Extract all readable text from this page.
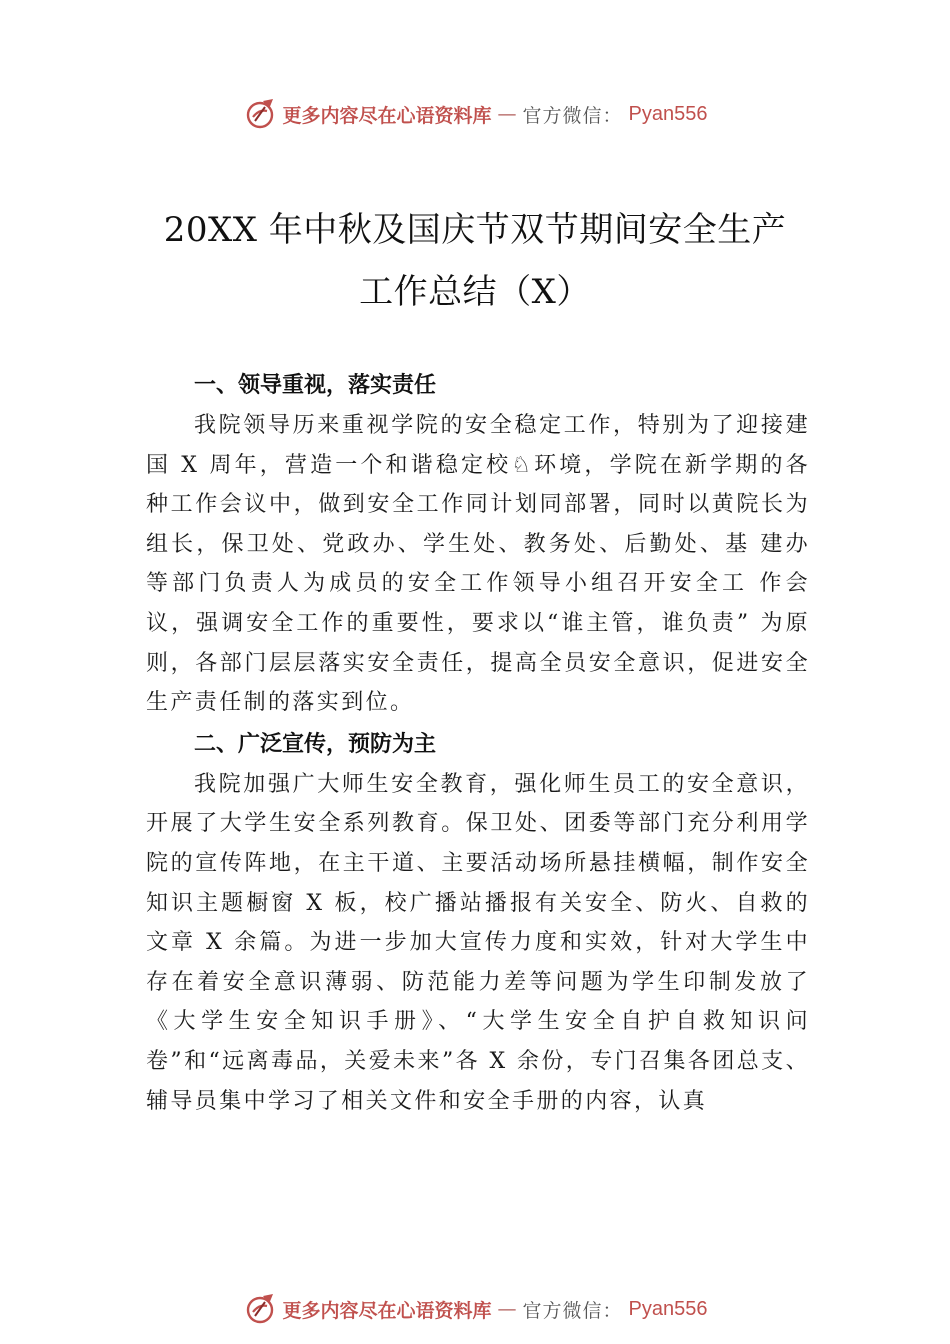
更多内容尽在心语资料库 — 官方微信： Pyan556
20XX 年中秋及国庆节双节期间安全生产
工作总结（X）
一、领导重视，落实责任

我院领导历来重视学院的安全稳定工作，特别为了迎接建国 X 周年，营造一个和谐稳定校♘环境，学院在新学期的各种工作会议中，做到安全工作同计划同部署，同时以黄院长为组长，保卫处、党政办、学生处、教务处、后勤处、基 建办等部门负责人为成员的安全工作领导小组召开安全工 作会议，强调安全工作的重要性，要求以“谁主管，谁负责” 为原则，各部门层层落实安全责任，提高全员安全意识，促进安全生产责任制的落实到位。

二、广泛宣传，预防为主

我院加强广大师生安全教育，强化师生员工的安全意识，开展了大学生安全系列教育。保卫处、团委等部门充分利用学院的宣传阵地，在主干道、主要活动场所悬挂横幅，制作安全知识主题橱窗 X 板，校广播站播报有关安全、防火、自救的文章 X 余篇。为进一步加大宣传力度和实效，针对大学生中存在着安全意识薄弱、防范能力差等问题为学生印制发放了《大学生安全知识手册》、“大学生安全自护自救知识问卷”和“远离毒品，关爱未来”各 X 余份，专门召集各团总支、辅导员集中学习了相关文件和安全手册的内容，认真

更多内容尽在心语资料库 — 官方微信： Pyan556
